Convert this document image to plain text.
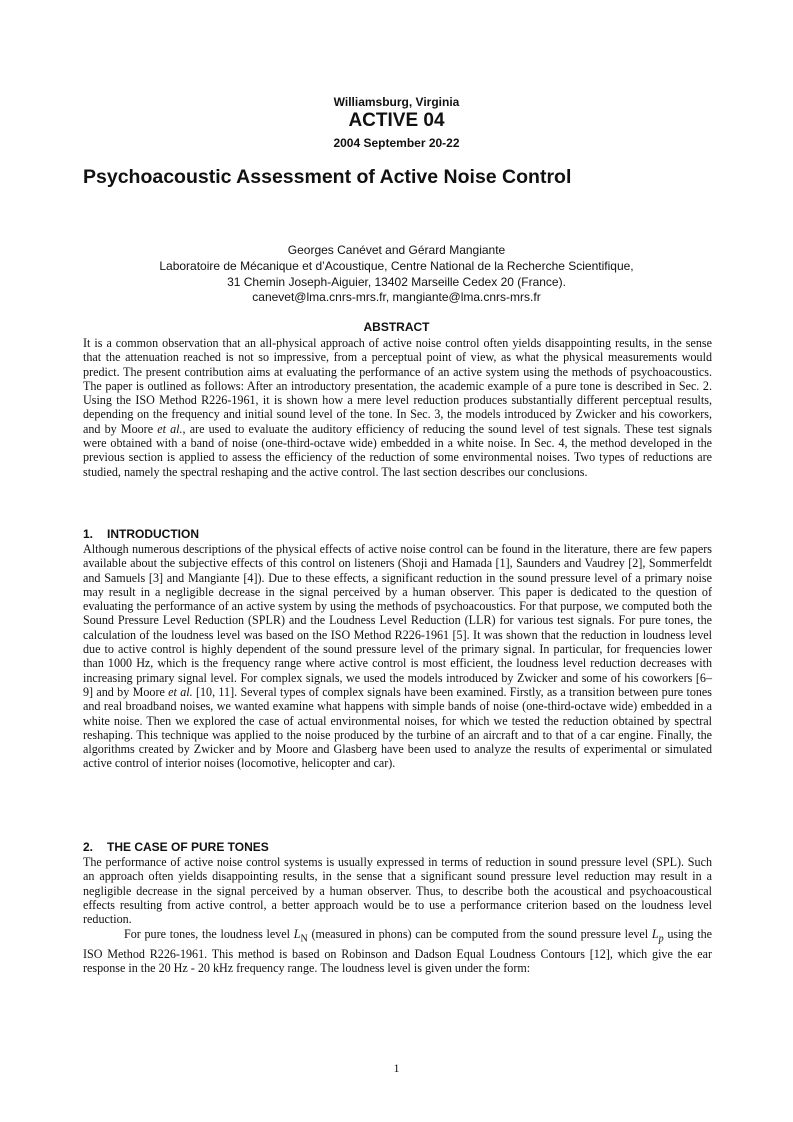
Williamsburg, Virginia
ACTIVE 04
2004 September 20-22
Psychoacoustic Assessment of Active Noise Control
Georges Canévet and Gérard Mangiante
Laboratoire de Mécanique et d’Acoustique, Centre National de la Recherche Scientifique,
31 Chemin Joseph-Aiguier, 13402 Marseille Cedex 20 (France).
canevet@lma.cnrs-mrs.fr, mangiante@lma.cnrs-mrs.fr
ABSTRACT

It is a common observation that an all-physical approach of active noise control often yields disappointing results, in the sense that the attenuation reached is not so impressive, from a perceptual point of view, as what the physical measurements would predict. The present contribution aims at evaluating the performance of an active system using the methods of psychoacoustics. The paper is outlined as follows: After an introductory presentation, the academic example of a pure tone is described in Sec. 2. Using the ISO Method R226-1961, it is shown how a mere level reduction produces substantially different perceptual results, depending on the frequency and initial sound level of the tone. In Sec. 3, the models introduced by Zwicker and his coworkers, and by Moore et al., are used to evaluate the auditory efficiency of reducing the sound level of test signals. These test signals were obtained with a band of noise (one-third-octave wide) embedded in a white noise. In Sec. 4, the method developed in the previous section is applied to assess the efficiency of the reduction of some environmental noises. Two types of reductions are studied, namely the spectral reshaping and the active control. The last section describes our conclusions.

1. INTRODUCTION

Although numerous descriptions of the physical effects of active noise control can be found in the literature, there are few papers available about the subjective effects of this control on listeners (Shoji and Hamada [1], Saunders and Vaudrey [2], Sommerfeldt and Samuels [3] and Mangiante [4]). Due to these effects, a significant reduction in the sound pressure level of a primary noise may result in a negligible decrease in the signal perceived by a human observer. This paper is dedicated to the question of evaluating the performance of an active system by using the methods of psychoacoustics. For that purpose, we computed both the Sound Pressure Level Reduction (SPLR) and the Loudness Level Reduction (LLR) for various test signals. For pure tones, the calculation of the loudness level was based on the ISO Method R226-1961 [5]. It was shown that the reduction in loudness level due to active control is highly dependent of the sound pressure level of the primary signal. In particular, for frequencies lower than 1000 Hz, which is the frequency range where active control is most efficient, the loudness level reduction decreases with increasing primary signal level. For complex signals, we used the models introduced by Zwicker and some of his coworkers [6–9] and by Moore et al. [10, 11]. Several types of complex signals have been examined. Firstly, as a transition between pure tones and real broadband noises, we wanted examine what happens with simple bands of noise (one-third-octave wide) embedded in a white noise. Then we explored the case of actual environmental noises, for which we tested the reduction obtained by spectral reshaping. This technique was applied to the noise produced by the turbine of an aircraft and to that of a car engine. Finally, the algorithms created by Zwicker and by Moore and Glasberg have been used to analyze the results of experimental or simulated active control of interior noises (locomotive, helicopter and car).

2. THE CASE OF PURE TONES

The performance of active noise control systems is usually expressed in terms of reduction in sound pressure level (SPL). Such an approach often yields disappointing results, in the sense that a significant sound pressure level reduction may result in a negligible decrease in the signal perceived by a human observer. Thus, to describe both the acoustical and psychoacoustical effects resulting from active control, a better approach would be to use a performance criterion based on the loudness level reduction.

For pure tones, the loudness level $L_N$ (measured in phons) can be computed from the sound pressure level $L_p$ using the ISO Method R226-1961. This method is based on Robinson and Dadson Equal Loudness Contours [12], which give the ear response in the 20 Hz - 20 kHz frequency range. The loudness level is given under the form:

1
